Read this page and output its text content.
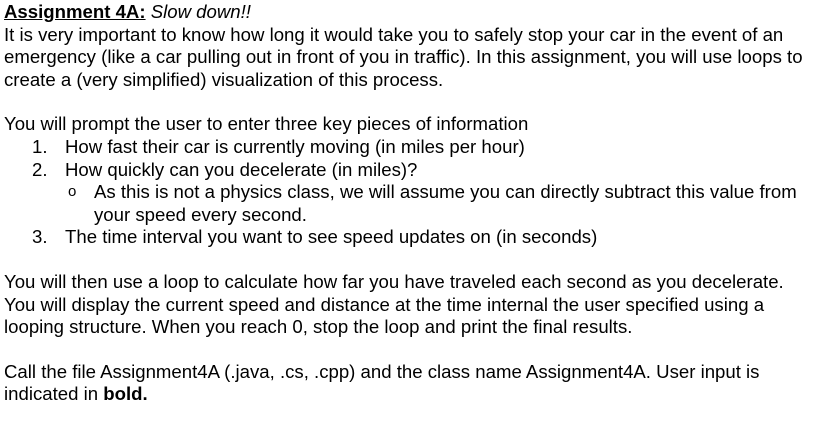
Assignment 4A: Slow down!!

It is very important to know how long it would take you to safely stop your car in the event of an emergency (like a car pulling out in front of you in traffic). In this assignment, you will use loops to create a (very simplified) visualization of this process.

You will prompt the user to enter three key pieces of information

1. How fast their car is currently moving (in miles per hour)
2. How quickly can you decelerate (in miles)?
o As this is not a physics class, we will assume you can directly subtract this value from your speed every second.
3. The time interval you want to see speed updates on (in seconds)

You will then use a loop to calculate how far you have traveled each second as you decelerate. You will display the current speed and distance at the time internal the user specified using a looping structure. When you reach 0, stop the loop and print the final results.

Call the file Assignment4A (.java, .cs, .cpp) and the class name Assignment4A. User input is indicated in bold.
